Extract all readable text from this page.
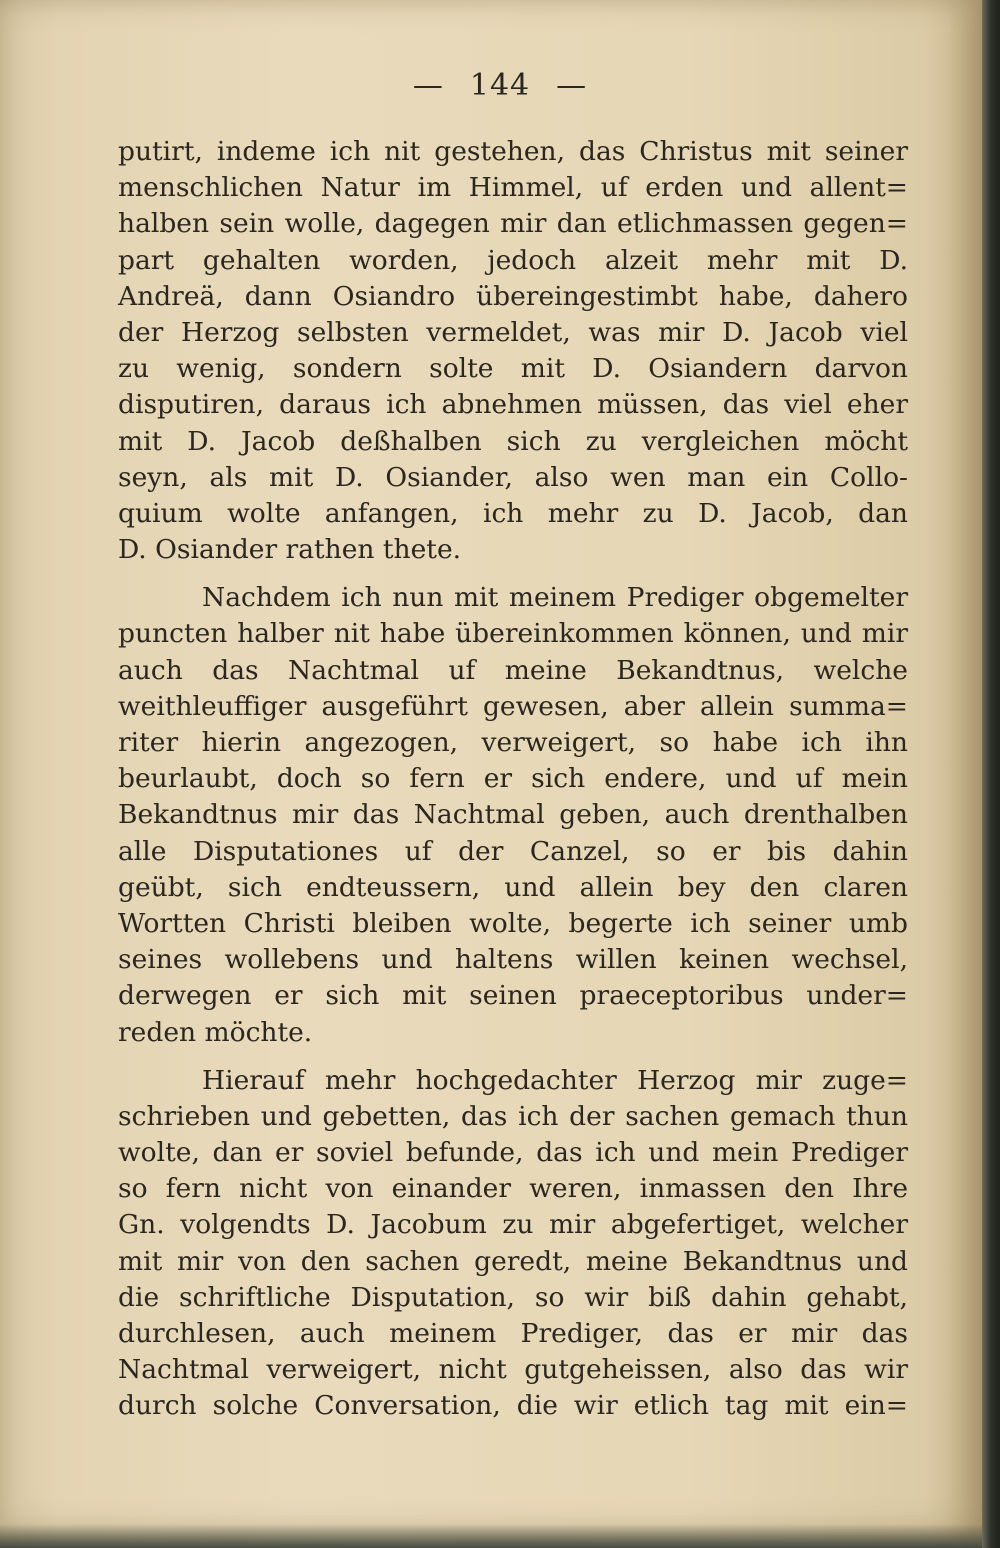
— 144 —
putirt, indeme ich nit gestehen, das Christus mit seiner
menschlichen Natur im Himmel, uf erden und allent=
halben sein wolle, dagegen mir dan etlichmassen gegen=
part gehalten worden, jedoch alzeit mehr mit D.
Andreä, dann Osiandro übereingestimbt habe, dahero
der Herzog selbsten vermeldet, was mir D. Jacob viel
zu wenig, sondern solte mit D. Osiandern darvon
disputiren, daraus ich abnehmen müssen, das viel eher
mit D. Jacob deßhalben sich zu vergleichen möcht
seyn, als mit D. Osiander, also wen man ein Collo-
quium wolte anfangen, ich mehr zu D. Jacob, dan
D. Osiander rathen thete.
Nachdem ich nun mit meinem Prediger obgemelter
puncten halber nit habe übereinkommen können, und mir
auch das Nachtmal uf meine Bekandtnus, welche
weithleuffiger ausgeführt gewesen, aber allein summa=
riter hierin angezogen, verweigert, so habe ich ihn
beurlaubt, doch so fern er sich endere, und uf mein
Bekandtnus mir das Nachtmal geben, auch drenthalben
alle Disputationes uf der Canzel, so er bis dahin
geübt, sich endteussern, und allein bey den claren
Wortten Christi bleiben wolte, begerte ich seiner umb
seines wollebens und haltens willen keinen wechsel,
derwegen er sich mit seinen praeceptoribus under=
reden möchte.
Hierauf mehr hochgedachter Herzog mir zuge=
schrieben und gebetten, das ich der sachen gemach thun
wolte, dan er soviel befunde, das ich und mein Prediger
so fern nicht von einander weren, inmassen den Ihre
Gn. volgendts D. Jacobum zu mir abgefertiget, welcher
mit mir von den sachen geredt, meine Bekandtnus und
die schriftliche Disputation, so wir biß dahin gehabt,
durchlesen, auch meinem Prediger, das er mir das
Nachtmal verweigert, nicht gutgeheissen, also das wir
durch solche Conversation, die wir etlich tag mit ein=
